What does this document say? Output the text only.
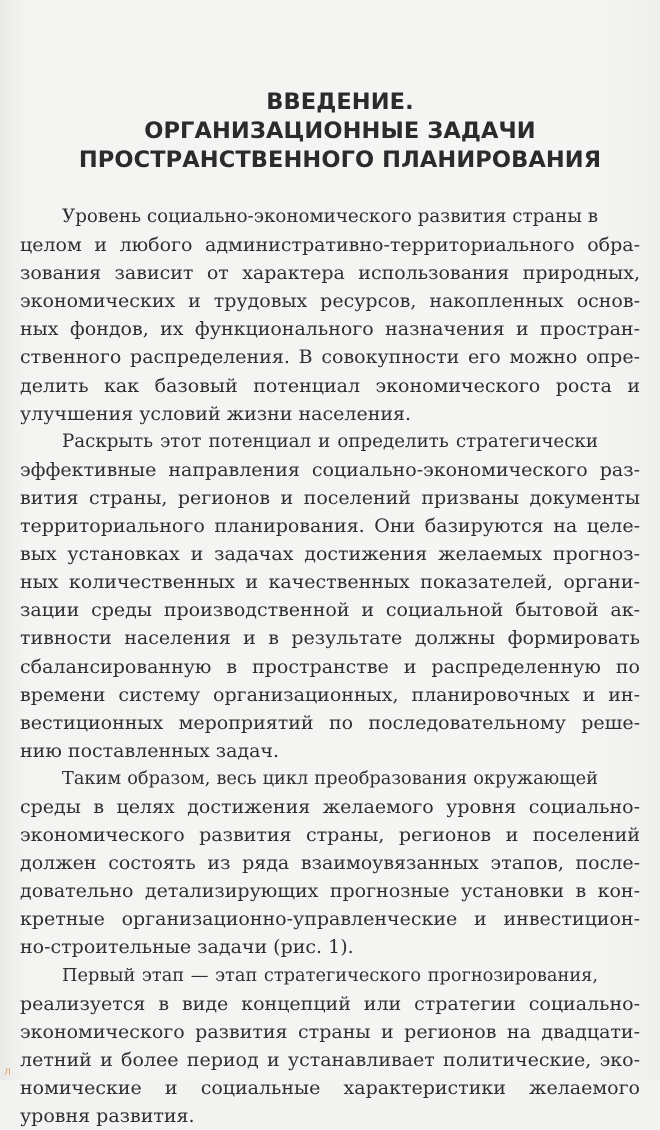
ВВЕДЕНИЕ.
ОРГАНИЗАЦИОННЫЕ ЗАДАЧИ
ПРОСТРАНСТВЕННОГО ПЛАНИРОВАНИЯ
Уровень социально-экономического развития страны в
целом и любого административно-территориального обра-
зования зависит от характера использования природных,
экономических и трудовых ресурсов, накопленных основ-
ных фондов, их функционального назначения и простран-
ственного распределения. В совокупности его можно опре-
делить как базовый потенциал экономического роста и
улучшения условий жизни населения.
Раскрыть этот потенциал и определить стратегически
эффективные направления социально-экономического раз-
вития страны, регионов и поселений призваны документы
территориального планирования. Они базируются на целе-
вых установках и задачах достижения желаемых прогноз-
ных количественных и качественных показателей, органи-
зации среды производственной и социальной бытовой ак-
тивности населения и в результате должны формировать
сбалансированную в пространстве и распределенную по
времени систему организационных, планировочных и ин-
вестиционных мероприятий по последовательному реше-
нию поставленных задач.
Таким образом, весь цикл преобразования окружающей
среды в целях достижения желаемого уровня социально-
экономического развития страны, регионов и поселений
должен состоять из ряда взаимоувязанных этапов, после-
довательно детализирующих прогнозные установки в кон-
кретные организационно-управленческие и инвестицион-
но-строительные задачи (рис. 1).
Первый этап — этап стратегического прогнозирования,
реализуется в виде концепций или стратегии социально-
экономического развития страны и регионов на двадцати-
летний и более период и устанавливает политические, эко-
номические и социальные характеристики желаемого
уровня развития.
Л
